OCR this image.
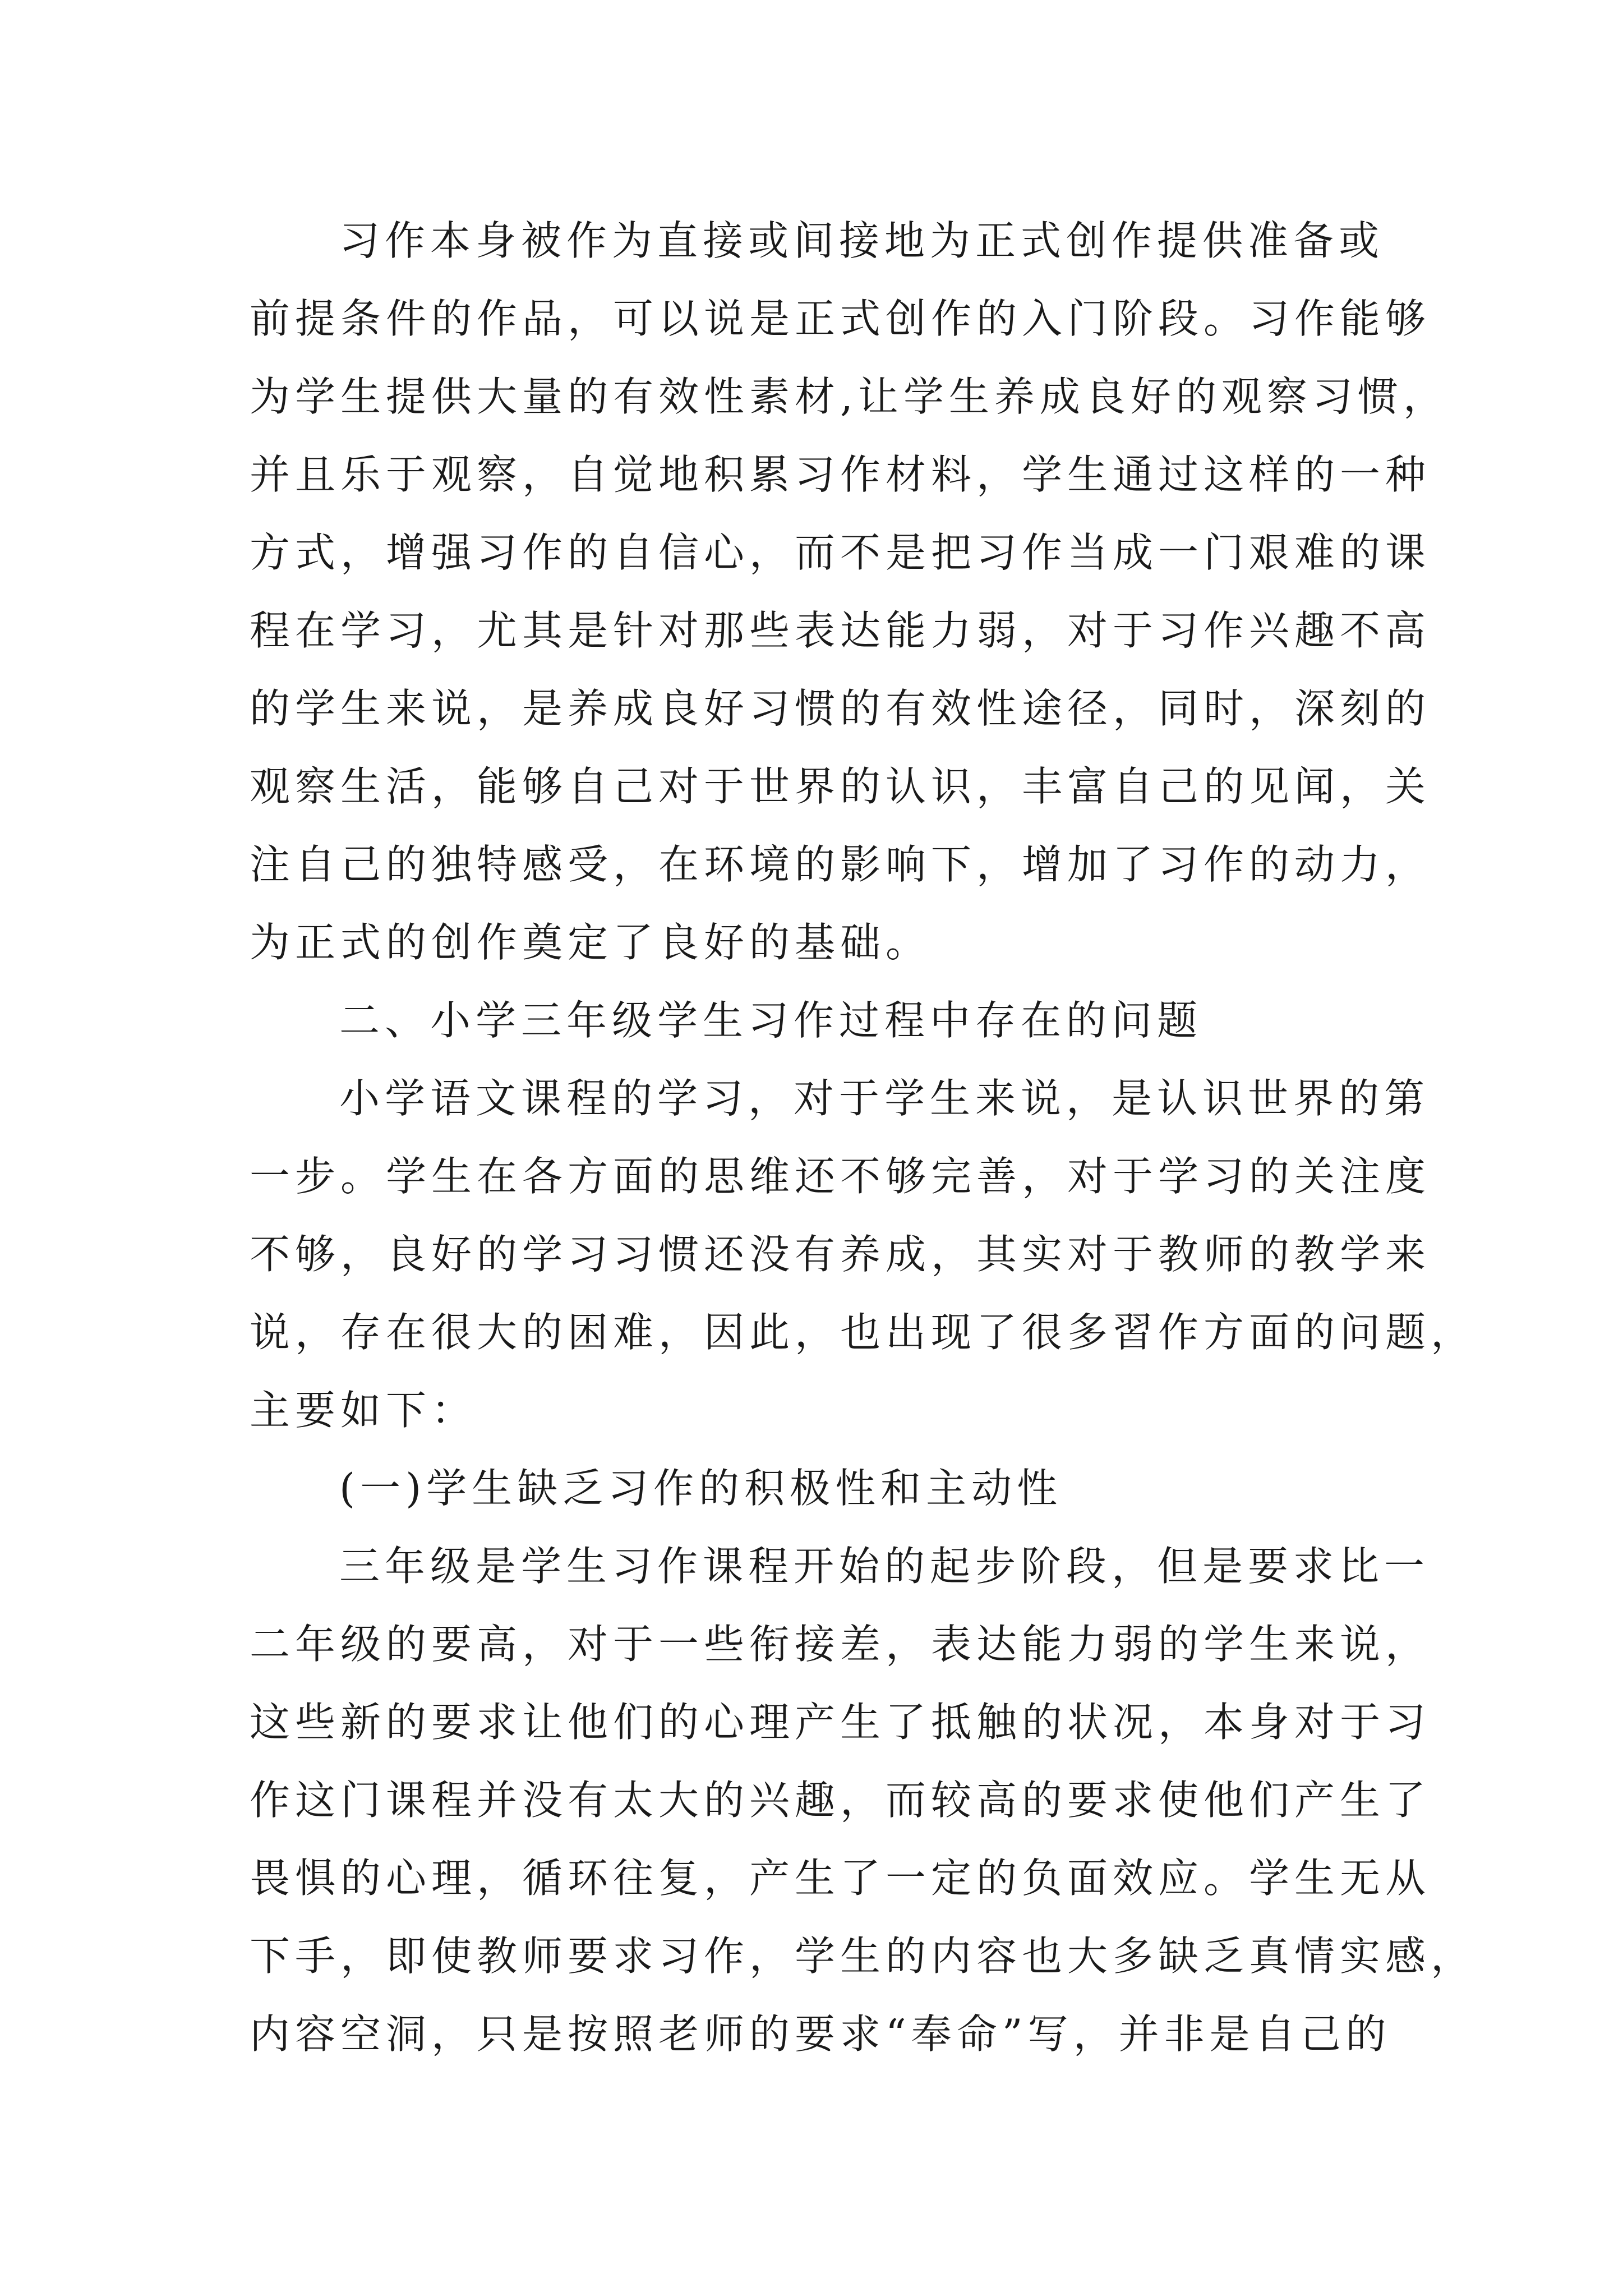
习作本身被作为直接或间接地为正式创作提供准备或
前提条件的作品，可以说是正式创作的入门阶段。习作能够
为学生提供大量的有效性素材,让学生养成良好的观察习惯，
并且乐于观察，自觉地积累习作材料，学生通过这样的一种
方式，增强习作的自信心，而不是把习作当成一门艰难的课
程在学习，尤其是针对那些表达能力弱，对于习作兴趣不高
的学生来说，是养成良好习惯的有效性途径，同时，深刻的
观察生活，能够自己对于世界的认识，丰富自己的见闻，关
注自己的独特感受，在环境的影响下，增加了习作的动力，
为正式的创作奠定了良好的基础。
二、小学三年级学生习作过程中存在的问题
小学语文课程的学习，对于学生来说，是认识世界的第
一步。学生在各方面的思维还不够完善，对于学习的关注度
不够，良好的学习习惯还没有养成，其实对于教师的教学来
说，存在很大的困难，因此，也出现了很多習作方面的问题，
主要如下：
(一)学生缺乏习作的积极性和主动性
三年级是学生习作课程开始的起步阶段，但是要求比一
二年级的要高，对于一些衔接差，表达能力弱的学生来说，
这些新的要求让他们的心理产生了抵触的状况，本身对于习
作这门课程并没有太大的兴趣，而较高的要求使他们产生了
畏惧的心理，循环往复，产生了一定的负面效应。学生无从
下手，即使教师要求习作，学生的内容也大多缺乏真情实感，
内容空洞，只是按照老师的要求“奉命”写，并非是自己的
